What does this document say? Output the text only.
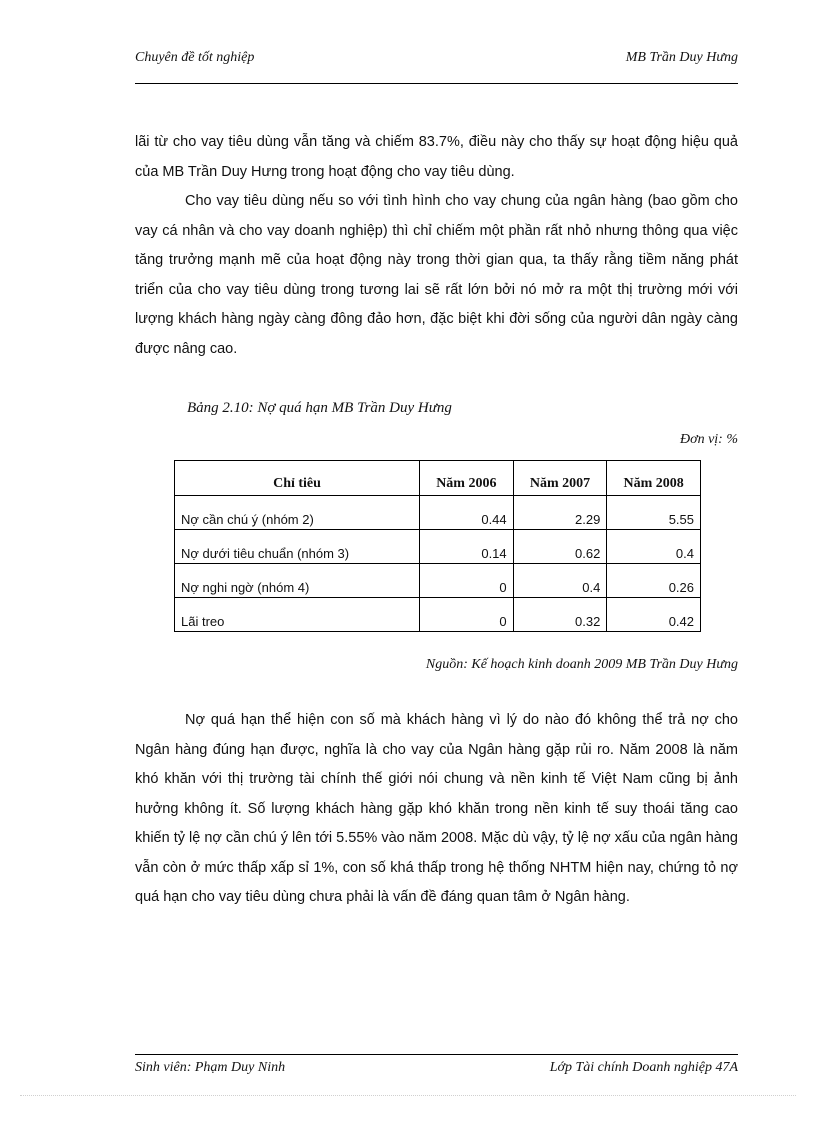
Chuyên đề tốt nghiệp	MB Trần Duy Hưng

lãi từ cho vay tiêu dùng vẫn tăng và chiếm 83.7%, điều này cho thấy sự hoạt động hiệu quả của MB Trần Duy Hưng trong hoạt động cho vay tiêu dùng.

Cho vay tiêu dùng nếu so với tình hình cho vay chung của ngân hàng (bao gồm cho vay cá nhân và cho vay doanh nghiệp) thì chỉ chiếm một phần rất nhỏ nhưng thông qua việc tăng trưởng mạnh mẽ của hoạt động này trong thời gian qua, ta thấy rằng tiềm năng phát triển của cho vay tiêu dùng trong tương lai sẽ rất lớn bởi nó mở ra một thị trường mới với lượng khách hàng ngày càng đông đảo hơn, đặc biệt khi đời sống của người dân ngày càng được nâng cao.

Bảng 2.10: Nợ quá hạn MB Trần Duy Hưng
Đơn vị: %
Chỉ tiêu	Năm 2006	Năm 2007	Năm 2008
Nợ cần chú ý (nhóm 2)	0.44	2.29	5.55
Nợ dưới tiêu chuẩn (nhóm 3)	0.14	0.62	0.4
Nợ nghi ngờ (nhóm 4)	0	0.4	0.26
Lãi treo	0	0.32	0.42
Nguồn: Kế hoạch kinh doanh 2009 MB Trần Duy Hưng

Nợ quá hạn thể hiện con số mà khách hàng vì lý do nào đó không thể trả nợ cho Ngân hàng đúng hạn được, nghĩa là cho vay của Ngân hàng gặp rủi ro. Năm 2008 là năm khó khăn với thị trường tài chính thế giới nói chung và nền kinh tế Việt Nam cũng bị ảnh hưởng không ít. Số lượng khách hàng gặp khó khăn trong nền kinh tế suy thoái tăng cao khiến tỷ lệ nợ cần chú ý lên tới 5.55% vào năm 2008. Mặc dù vậy, tỷ lệ nợ xấu của ngân hàng vẫn còn ở mức thấp xấp sỉ 1%, con số khá thấp trong hệ thống NHTM hiện nay, chứng tỏ nợ quá hạn cho vay tiêu dùng chưa phải là vấn đề đáng quan tâm ở Ngân hàng.

Sinh viên: Phạm Duy Ninh	Lớp Tài chính Doanh nghiệp 47A
